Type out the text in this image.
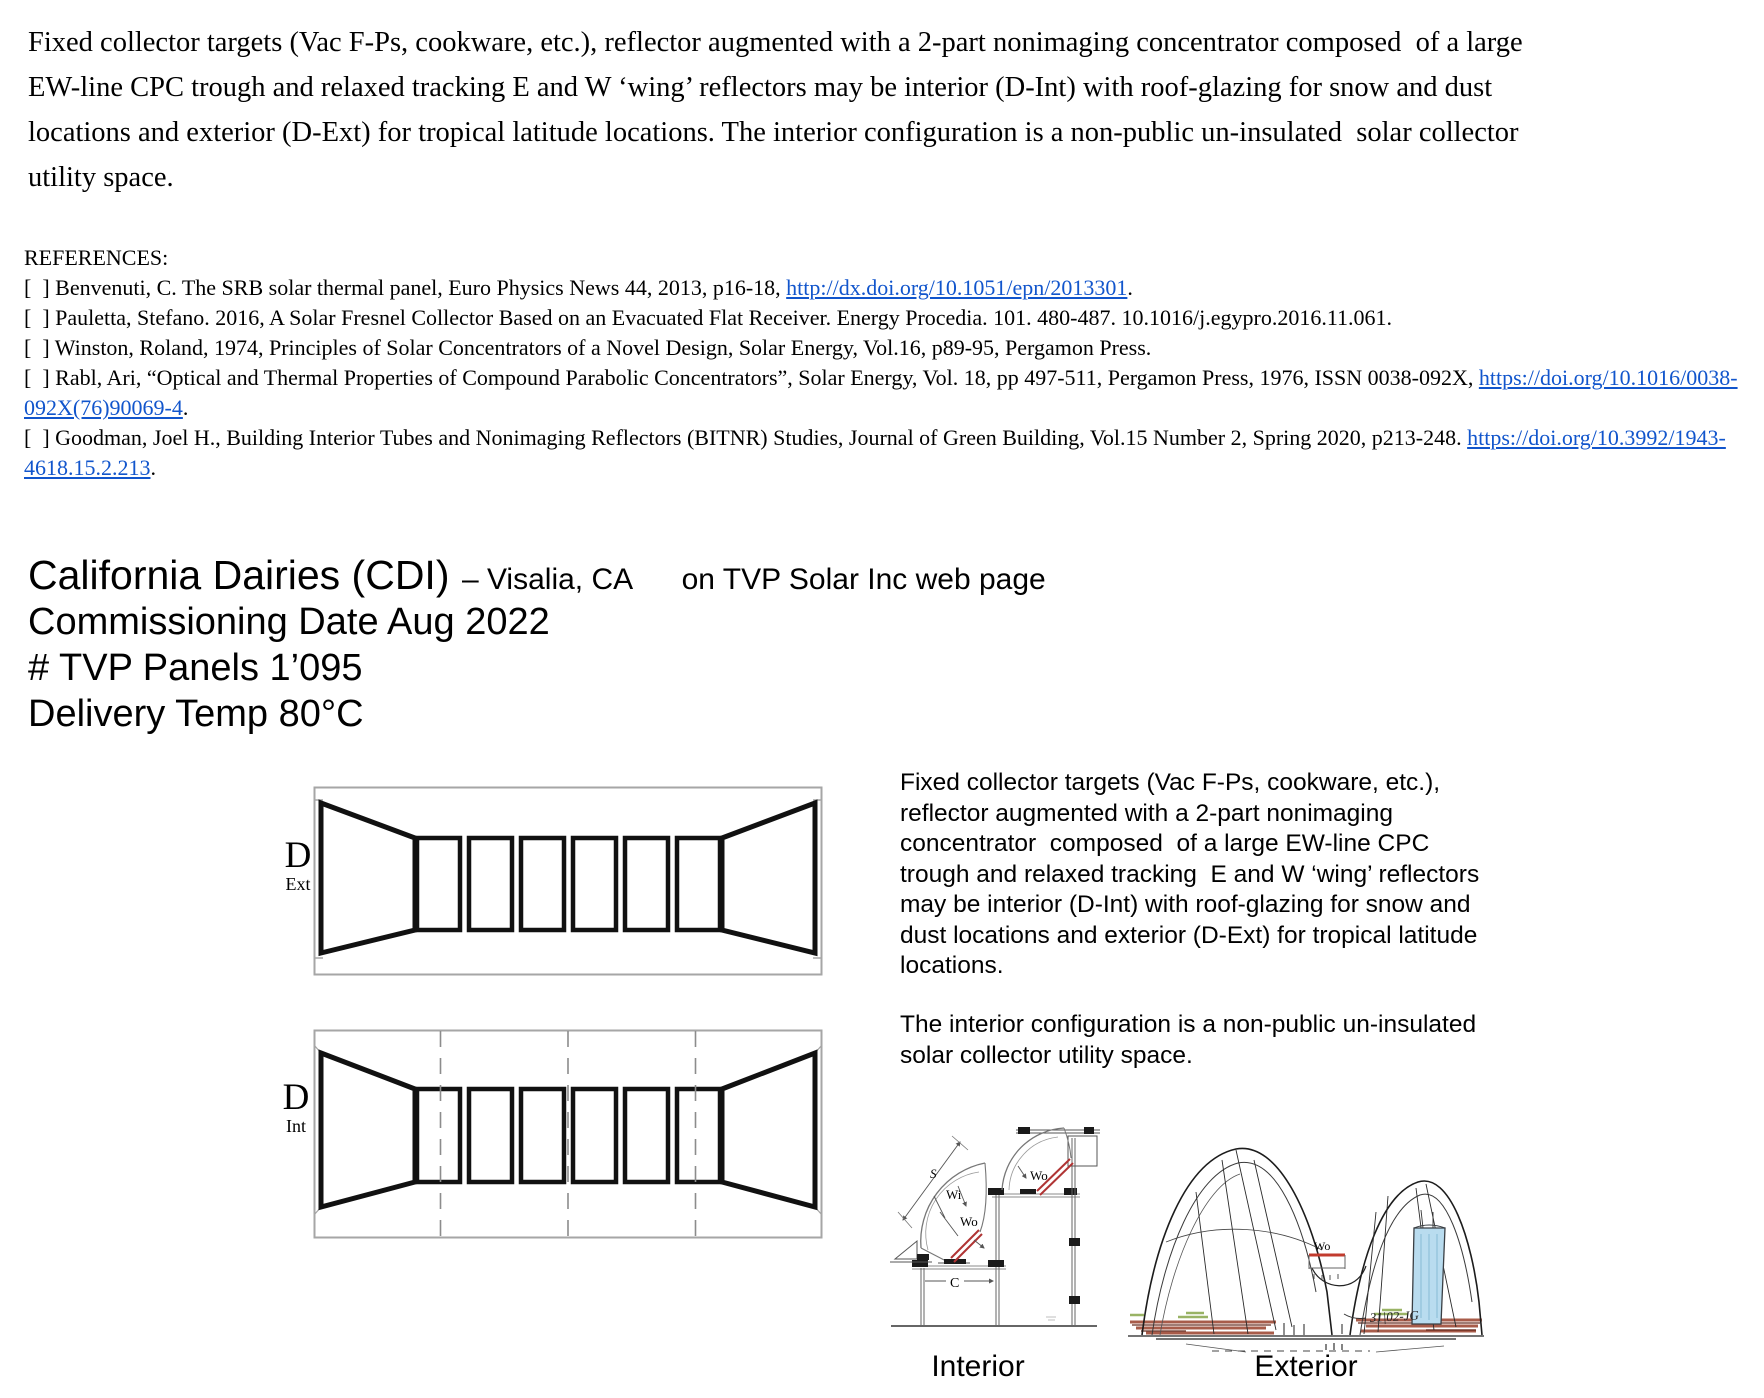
Fixed collector targets (Vac F-Ps, cookware, etc.), reflector augmented with a 2-part nonimaging concentrator composed  of a large EW-line CPC trough and relaxed tracking E and W ‘wing’ reflectors may be interior (D-Int) with roof-glazing for snow and dust locations and exterior (D-Ext) for tropical latitude locations. The interior configuration is a non-public un-insulated  solar collector utility space.
REFERENCES:
[  ] Benvenuti, C. The SRB solar thermal panel, Euro Physics News 44, 2013, p16-18, http://dx.doi.org/10.1051/epn/2013301.
[  ] Pauletta, Stefano. 2016, A Solar Fresnel Collector Based on an Evacuated Flat Receiver. Energy Procedia. 101. 480-487. 10.1016/j.egypro.2016.11.061.
[  ] Winston, Roland, 1974, Principles of Solar Concentrators of a Novel Design, Solar Energy, Vol.16, p89-95, Pergamon Press.
[  ] Rabl, Ari, “Optical and Thermal Properties of Compound Parabolic Concentrators”, Solar Energy, Vol. 18, pp 497-511, Pergamon Press, 1976, ISSN 0038-092X, https://doi.org/10.1016/0038-092X(76)90069-4.
[  ] Goodman, Joel H., Building Interior Tubes and Nonimaging Reflectors (BITNR) Studies, Journal of Green Building, Vol.15 Number 2, Spring 2020, p213-248. https://doi.org/10.3992/1943-4618.15.2.213.
California Dairies (CDI) – Visalia, CA on TVP Solar Inc web page
Commissioning Date Aug 2022
# TVP Panels 1’095
Delivery Temp 80°C
D
Ext
D
Int
Fixed collector targets (Vac F-Ps, cookware, etc.), reflector augmented with a 2-part nonimaging concentrator  composed  of a large EW-line CPC trough and relaxed tracking  E and W ‘wing’ reflectors may be interior (D-Int) with roof-glazing for snow and dust locations and exterior (D-Ext) for tropical latitude locations.
The interior configuration is a non-public un-insulated solar collector utility space.
S
Wi
Wo
Wo
C
Wo
31|02-JG
Interior	Exterior
